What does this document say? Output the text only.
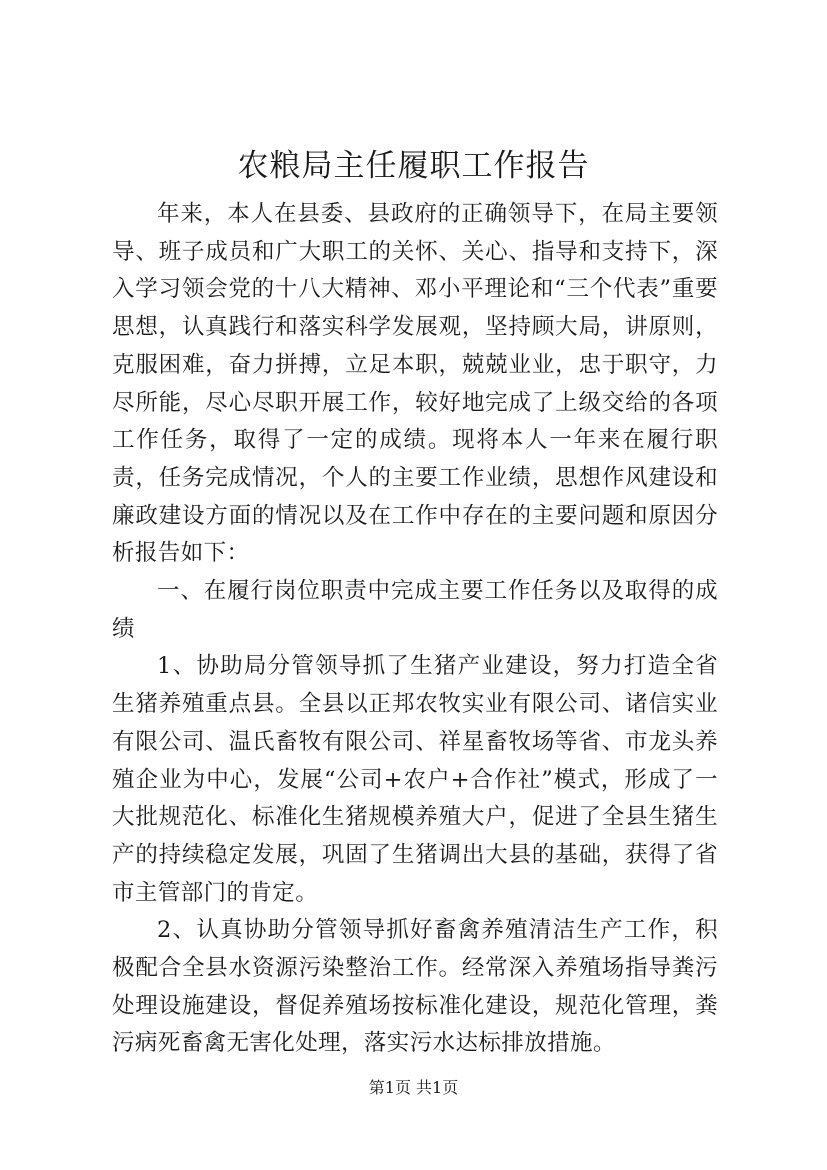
农粮局主任履职工作报告

年来，本人在县委、县政府的正确领导下，在局主要领导、班子成员和广大职工的关怀、关心、指导和支持下，深入学习领会党的十八大精神、邓小平理论和“三个代表”重要思想，认真践行和落实科学发展观，坚持顾大局，讲原则，克服困难，奋力拼搏，立足本职，兢兢业业，忠于职守，力尽所能，尽心尽职开展工作，较好地完成了上级交给的各项工作任务，取得了一定的成绩。现将本人一年来在履行职责，任务完成情况，个人的主要工作业绩，思想作风建设和廉政建设方面的情况以及在工作中存在的主要问题和原因分析报告如下：

一、在履行岗位职责中完成主要工作任务以及取得的成绩

1、协助局分管领导抓了生猪产业建设，努力打造全省生猪养殖重点县。全县以正邦农牧实业有限公司、诸信实业有限公司、温氏畜牧有限公司、祥星畜牧场等省、市龙头养殖企业为中心，发展“公司+农户+合作社”模式，形成了一大批规范化、标准化生猪规模养殖大户，促进了全县生猪生产的持续稳定发展，巩固了生猪调出大县的基础，获得了省市主管部门的肯定。

2、认真协助分管领导抓好畜禽养殖清洁生产工作，积极配合全县水资源污染整治工作。经常深入养殖场指导粪污处理设施建设，督促养殖场按标准化建设，规范化管理，粪污病死畜禽无害化处理，落实污水达标排放措施。

第1页 共1页
